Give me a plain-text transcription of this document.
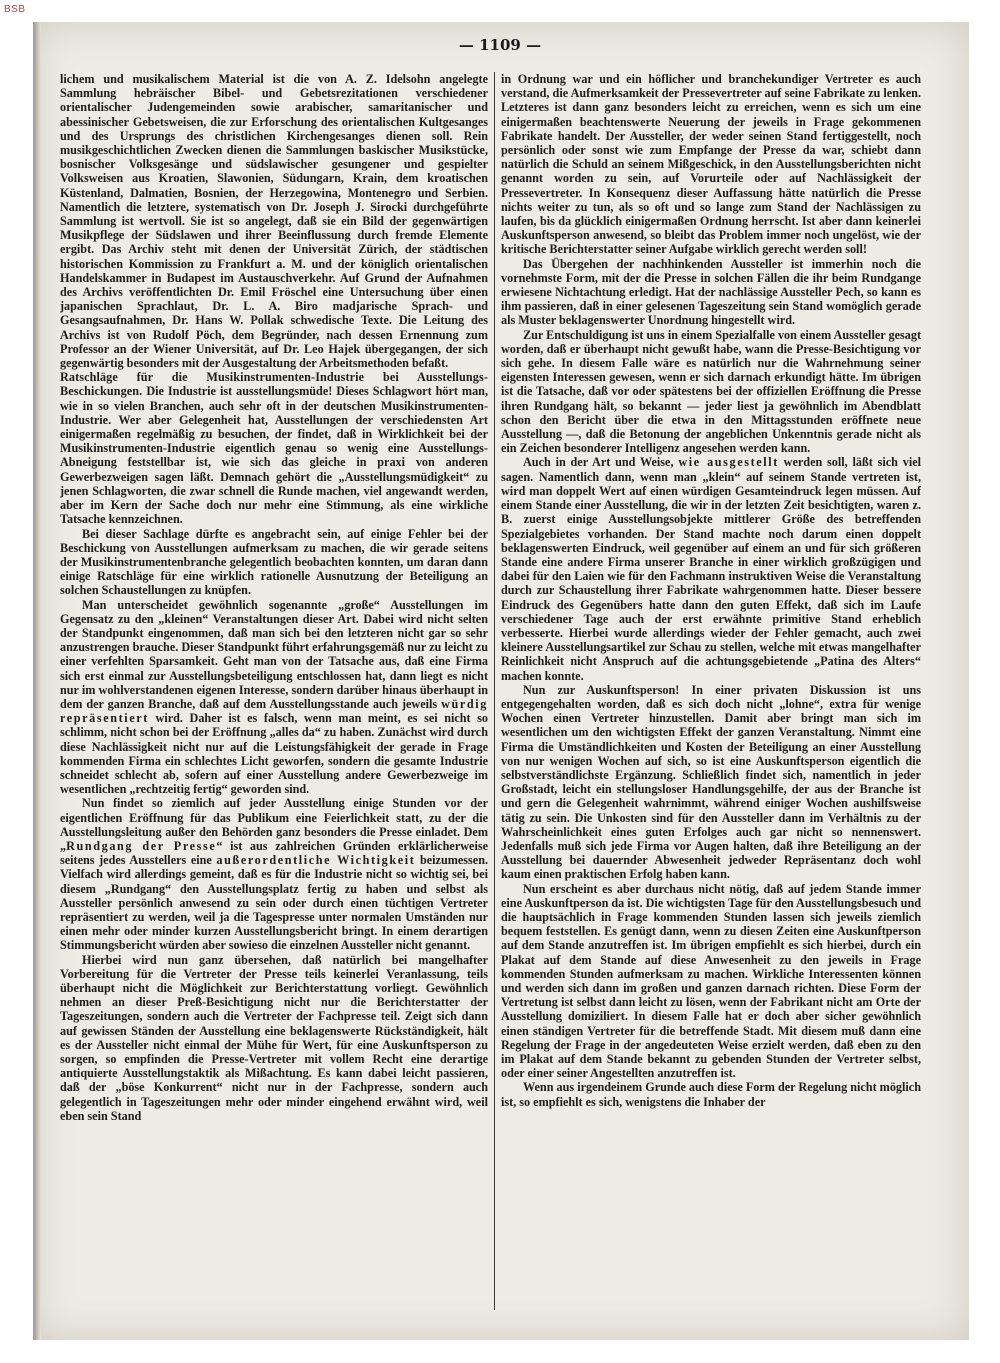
BSB
— 1109 —

lichem und musikalischem Material ist die von A. Z. Idelsohn angelegte Sammlung hebräischer Bibel- und Gebetsrezitationen verschiedener orientalischer Judengemeinden sowie arabischer, samaritanischer und abessinischer Gebetsweisen, die zur Erforschung des orientalischen Kultgesanges und des Ursprungs des christlichen Kirchengesanges dienen soll. Rein musikgeschichtlichen Zwecken dienen die Sammlungen baskischer Musikstücke, bosnischer Volksgesänge und südslawischer gesungener und gespielter Volksweisen aus Kroatien, Slawonien, Südungarn, Krain, dem kroatischen Küstenland, Dalmatien, Bosnien, der Herzegowina, Montenegro und Serbien. Namentlich die letztere, systematisch von Dr. Joseph J. Sirocki durchgeführte Sammlung ist wertvoll. Sie ist so angelegt, daß sie ein Bild der gegenwärtigen Musikpflege der Südslawen und ihrer Beeinflussung durch fremde Elemente ergibt. Das Archiv steht mit denen der Universität Zürich, der städtischen historischen Kommission zu Frankfurt a. M. und der königlich orientalischen Handelskammer in Budapest im Austauschverkehr. Auf Grund der Aufnahmen des Archivs veröffentlichten Dr. Emil Fröschel eine Untersuchung über einen japanischen Sprachlaut, Dr. L. A. Biro madjarische Sprach- und Gesangsaufnahmen, Dr. Hans W. Pollak schwedische Texte. Die Leitung des Archivs ist von Rudolf Pöch, dem Begründer, nach dessen Ernennung zum Professor an der Wiener Universität, auf Dr. Leo Hajek übergegangen, der sich gegenwärtig besonders mit der Ausgestaltung der Arbeitsmethoden befaßt.

Ratschläge für die Musikinstrumenten-Industrie bei Ausstellungs-Beschickungen. Die Industrie ist ausstellungsmüde! Dieses Schlagwort hört man, wie in so vielen Branchen, auch sehr oft in der deutschen Musikinstrumenten-Industrie. Wer aber Gelegenheit hat, Ausstellungen der verschiedensten Art einigermaßen regelmäßig zu besuchen, der findet, daß in Wirklichkeit bei der Musikinstrumenten-Industrie eigentlich genau so wenig eine Ausstellungs-Abneigung feststellbar ist, wie sich das gleiche in praxi von anderen Gewerbezweigen sagen läßt. Demnach gehört die „Ausstellungsmüdigkeit“ zu jenen Schlagworten, die zwar schnell die Runde machen, viel angewandt werden, aber im Kern der Sache doch nur mehr eine Stimmung, als eine wirkliche Tatsache kennzeichnen.

Bei dieser Sachlage dürfte es angebracht sein, auf einige Fehler bei der Beschickung von Ausstellungen aufmerksam zu machen, die wir gerade seitens der Musikinstrumentenbranche gelegentlich beobachten konnten, um daran dann einige Ratschläge für eine wirklich rationelle Ausnutzung der Beteiligung an solchen Schaustellungen zu knüpfen.

Man unterscheidet gewöhnlich sogenannte „große“ Ausstellungen im Gegensatz zu den „kleinen“ Veranstaltungen dieser Art. Dabei wird nicht selten der Standpunkt eingenommen, daß man sich bei den letzteren nicht gar so sehr anzustrengen brauche. Dieser Standpunkt führt erfahrungsgemäß nur zu leicht zu einer verfehlten Sparsamkeit. Geht man von der Tatsache aus, daß eine Firma sich erst einmal zur Ausstellungsbeteiligung entschlossen hat, dann liegt es nicht nur im wohlverstandenen eigenen Interesse, sondern darüber hinaus überhaupt in dem der ganzen Branche, daß auf dem Ausstellungsstande auch jeweils würdig repräsentiert wird. Daher ist es falsch, wenn man meint, es sei nicht so schlimm, nicht schon bei der Eröffnung „alles da“ zu haben. Zunächst wird durch diese Nachlässigkeit nicht nur auf die Leistungsfähigkeit der gerade in Frage kommenden Firma ein schlechtes Licht geworfen, sondern die gesamte Industrie schneidet schlecht ab, sofern auf einer Ausstellung andere Gewerbezweige im wesentlichen „rechtzeitig fertig“ geworden sind.

Nun findet so ziemlich auf jeder Ausstellung einige Stunden vor der eigentlichen Eröffnung für das Publikum eine Feierlichkeit statt, zu der die Ausstellungsleitung außer den Behörden ganz besonders die Presse einladet. Dem „Rundgang der Presse“ ist aus zahlreichen Gründen erklärlicherweise seitens jedes Ausstellers eine außerordentliche Wichtigkeit beizumessen. Vielfach wird allerdings gemeint, daß es für die Industrie nicht so wichtig sei, bei diesem „Rundgang“ den Ausstellungsplatz fertig zu haben und selbst als Aussteller persönlich anwesend zu sein oder durch einen tüchtigen Vertreter repräsentiert zu werden, weil ja die Tagespresse unter normalen Umständen nur einen mehr oder minder kurzen Ausstellungsbericht bringt. In einem derartigen Stimmungsbericht würden aber sowieso die einzelnen Aussteller nicht genannt.

Hierbei wird nun ganz übersehen, daß natürlich bei mangelhafter Vorbereitung für die Vertreter der Presse teils keinerlei Veranlassung, teils überhaupt nicht die Möglichkeit zur Berichterstattung vorliegt. Gewöhnlich nehmen an dieser Preß-Besichtigung nicht nur die Berichterstatter der Tageszeitungen, sondern auch die Vertreter der Fachpresse teil. Zeigt sich dann auf gewissen Ständen der Ausstellung eine beklagenswerte Rückständigkeit, hält es der Aussteller nicht einmal der Mühe für Wert, für eine Auskunftsperson zu sorgen, so empfinden die Presse-Vertreter mit vollem Recht eine derartige antiquierte Ausstellungstaktik als Mißachtung. Es kann dabei leicht passieren, daß der „böse Konkurrent“ nicht nur in der Fachpresse, sondern auch gelegentlich in Tageszeitungen mehr oder minder eingehend erwähnt wird, weil eben sein Stand

in Ordnung war und ein höflicher und branchekundiger Vertreter es auch verstand, die Aufmerksamkeit der Pressevertreter auf seine Fabrikate zu lenken. Letzteres ist dann ganz besonders leicht zu erreichen, wenn es sich um eine einigermaßen beachtenswerte Neuerung der jeweils in Frage gekommenen Fabrikate handelt. Der Aussteller, der weder seinen Stand fertiggestellt, noch persönlich oder sonst wie zum Empfange der Presse da war, schiebt dann natürlich die Schuld an seinem Mißgeschick, in den Ausstellungsberichten nicht genannt worden zu sein, auf Vorurteile oder auf Nachlässigkeit der Pressevertreter. In Konsequenz dieser Auffassung hätte natürlich die Presse nichts weiter zu tun, als so oft und so lange zum Stand der Nachlässigen zu laufen, bis da glücklich einigermaßen Ordnung herrscht. Ist aber dann keinerlei Auskunftsperson anwesend, so bleibt das Problem immer noch ungelöst, wie der kritische Berichterstatter seiner Aufgabe wirklich gerecht werden soll!

Das Übergehen der nachhinkenden Aussteller ist immerhin noch die vornehmste Form, mit der die Presse in solchen Fällen die ihr beim Rundgange erwiesene Nichtachtung erledigt. Hat der nachlässige Aussteller Pech, so kann es ihm passieren, daß in einer gelesenen Tageszeitung sein Stand womöglich gerade als Muster beklagenswerter Unordnung hingestellt wird.

Zur Entschuldigung ist uns in einem Spezialfalle von einem Aussteller gesagt worden, daß er überhaupt nicht gewußt habe, wann die Presse-Besichtigung vor sich gehe. In diesem Falle wäre es natürlich nur die Wahrnehmung seiner eigensten Interessen gewesen, wenn er sich darnach erkundigt hätte. Im übrigen ist die Tatsache, daß vor oder spätestens bei der offiziellen Eröffnung die Presse ihren Rundgang hält, so bekannt — jeder liest ja gewöhnlich im Abendblatt schon den Bericht über die etwa in den Mittagsstunden eröffnete neue Ausstellung —, daß die Betonung der angeblichen Unkenntnis gerade nicht als ein Zeichen besonderer Intelligenz angesehen werden kann.

Auch in der Art und Weise, wie ausgestellt werden soll, läßt sich viel sagen. Namentlich dann, wenn man „klein“ auf seinem Stande vertreten ist, wird man doppelt Wert auf einen würdigen Gesamteindruck legen müssen. Auf einem Stande einer Ausstellung, die wir in der letzten Zeit besichtigten, waren z. B. zuerst einige Ausstellungsobjekte mittlerer Größe des betreffenden Spezialgebietes vorhanden. Der Stand machte noch darum einen doppelt beklagenswerten Eindruck, weil gegenüber auf einem an und für sich größeren Stande eine andere Firma unserer Branche in einer wirklich großzügigen und dabei für den Laien wie für den Fachmann instruktiven Weise die Veranstaltung durch zur Schaustellung ihrer Fabrikate wahrgenommen hatte. Dieser bessere Eindruck des Gegenübers hatte dann den guten Effekt, daß sich im Laufe verschiedener Tage auch der erst erwähnte primitive Stand erheblich verbesserte. Hierbei wurde allerdings wieder der Fehler gemacht, auch zwei kleinere Ausstellungsartikel zur Schau zu stellen, welche mit etwas mangelhafter Reinlichkeit nicht Anspruch auf die achtungsgebietende „Patina des Alters“ machen konnte.

Nun zur Auskunftsperson! In einer privaten Diskussion ist uns entgegengehalten worden, daß es sich doch nicht „lohne“, extra für wenige Wochen einen Vertreter hinzustellen. Damit aber bringt man sich im wesentlichen um den wichtigsten Effekt der ganzen Veranstaltung. Nimmt eine Firma die Umständlichkeiten und Kosten der Beteiligung an einer Ausstellung von nur wenigen Wochen auf sich, so ist eine Auskunftsperson eigentlich die selbstverständlichste Ergänzung. Schließlich findet sich, namentlich in jeder Großstadt, leicht ein stellungsloser Handlungsgehilfe, der aus der Branche ist und gern die Gelegenheit wahrnimmt, während einiger Wochen aushilfsweise tätig zu sein. Die Unkosten sind für den Aussteller dann im Verhältnis zu der Wahrscheinlichkeit eines guten Erfolges auch gar nicht so nennenswert. Jedenfalls muß sich jede Firma vor Augen halten, daß ihre Beteiligung an der Ausstellung bei dauernder Abwesenheit jedweder Repräsentanz doch wohl kaum einen praktischen Erfolg haben kann.

Nun erscheint es aber durchaus nicht nötig, daß auf jedem Stande immer eine Auskunftperson da ist. Die wichtigsten Tage für den Ausstellungsbesuch und die hauptsächlich in Frage kommenden Stunden lassen sich jeweils ziemlich bequem feststellen. Es genügt dann, wenn zu diesen Zeiten eine Auskunftperson auf dem Stande anzutreffen ist. Im übrigen empfiehlt es sich hierbei, durch ein Plakat auf dem Stande auf diese Anwesenheit zu den jeweils in Frage kommenden Stunden aufmerksam zu machen. Wirkliche Interessenten können und werden sich dann im großen und ganzen darnach richten. Diese Form der Vertretung ist selbst dann leicht zu lösen, wenn der Fabrikant nicht am Orte der Ausstellung domiziliert. In diesem Falle hat er doch aber sicher gewöhnlich einen ständigen Vertreter für die betreffende Stadt. Mit diesem muß dann eine Regelung der Frage in der angedeuteten Weise erzielt werden, daß eben zu den im Plakat auf dem Stande bekannt zu gebenden Stunden der Vertreter selbst, oder einer seiner Angestellten anzutreffen ist.

Wenn aus irgendeinem Grunde auch diese Form der Regelung nicht möglich ist, so empfiehlt es sich, wenigstens die Inhaber der
